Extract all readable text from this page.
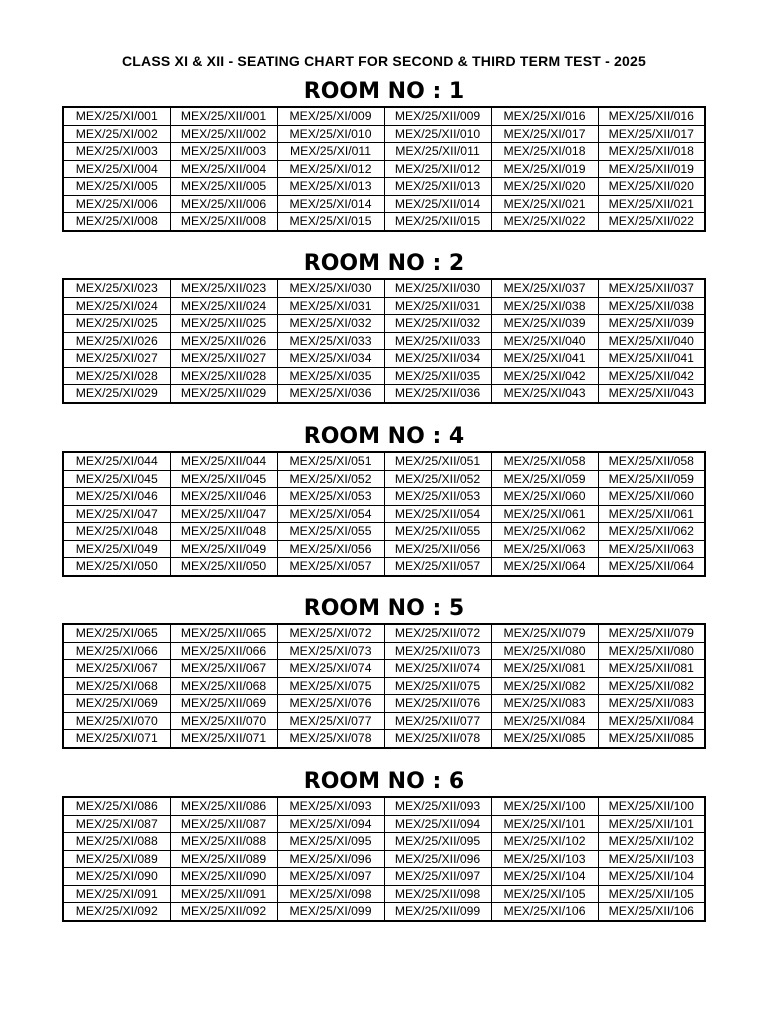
CLASS XI & XII - SEATING CHART FOR SECOND & THIRD TERM TEST - 2025
ROOM NO : 1
MEX/25/XI/001	MEX/25/XII/001	MEX/25/XI/009	MEX/25/XII/009	MEX/25/XI/016	MEX/25/XII/016
MEX/25/XI/002	MEX/25/XII/002	MEX/25/XI/010	MEX/25/XII/010	MEX/25/XI/017	MEX/25/XII/017
MEX/25/XI/003	MEX/25/XII/003	MEX/25/XI/011	MEX/25/XII/011	MEX/25/XI/018	MEX/25/XII/018
MEX/25/XI/004	MEX/25/XII/004	MEX/25/XI/012	MEX/25/XII/012	MEX/25/XI/019	MEX/25/XII/019
MEX/25/XI/005	MEX/25/XII/005	MEX/25/XI/013	MEX/25/XII/013	MEX/25/XI/020	MEX/25/XII/020
MEX/25/XI/006	MEX/25/XII/006	MEX/25/XI/014	MEX/25/XII/014	MEX/25/XI/021	MEX/25/XII/021
MEX/25/XI/008	MEX/25/XII/008	MEX/25/XI/015	MEX/25/XII/015	MEX/25/XI/022	MEX/25/XII/022
ROOM NO : 2
MEX/25/XI/023	MEX/25/XII/023	MEX/25/XI/030	MEX/25/XII/030	MEX/25/XI/037	MEX/25/XII/037
MEX/25/XI/024	MEX/25/XII/024	MEX/25/XI/031	MEX/25/XII/031	MEX/25/XI/038	MEX/25/XII/038
MEX/25/XI/025	MEX/25/XII/025	MEX/25/XI/032	MEX/25/XII/032	MEX/25/XI/039	MEX/25/XII/039
MEX/25/XI/026	MEX/25/XII/026	MEX/25/XI/033	MEX/25/XII/033	MEX/25/XI/040	MEX/25/XII/040
MEX/25/XI/027	MEX/25/XII/027	MEX/25/XI/034	MEX/25/XII/034	MEX/25/XI/041	MEX/25/XII/041
MEX/25/XI/028	MEX/25/XII/028	MEX/25/XI/035	MEX/25/XII/035	MEX/25/XI/042	MEX/25/XII/042
MEX/25/XI/029	MEX/25/XII/029	MEX/25/XI/036	MEX/25/XII/036	MEX/25/XI/043	MEX/25/XII/043
ROOM NO : 4
MEX/25/XI/044	MEX/25/XII/044	MEX/25/XI/051	MEX/25/XII/051	MEX/25/XI/058	MEX/25/XII/058
MEX/25/XI/045	MEX/25/XII/045	MEX/25/XI/052	MEX/25/XII/052	MEX/25/XI/059	MEX/25/XII/059
MEX/25/XI/046	MEX/25/XII/046	MEX/25/XI/053	MEX/25/XII/053	MEX/25/XI/060	MEX/25/XII/060
MEX/25/XI/047	MEX/25/XII/047	MEX/25/XI/054	MEX/25/XII/054	MEX/25/XI/061	MEX/25/XII/061
MEX/25/XI/048	MEX/25/XII/048	MEX/25/XI/055	MEX/25/XII/055	MEX/25/XI/062	MEX/25/XII/062
MEX/25/XI/049	MEX/25/XII/049	MEX/25/XI/056	MEX/25/XII/056	MEX/25/XI/063	MEX/25/XII/063
MEX/25/XI/050	MEX/25/XII/050	MEX/25/XI/057	MEX/25/XII/057	MEX/25/XI/064	MEX/25/XII/064
ROOM NO : 5
MEX/25/XI/065	MEX/25/XII/065	MEX/25/XI/072	MEX/25/XII/072	MEX/25/XI/079	MEX/25/XII/079
MEX/25/XI/066	MEX/25/XII/066	MEX/25/XI/073	MEX/25/XII/073	MEX/25/XI/080	MEX/25/XII/080
MEX/25/XI/067	MEX/25/XII/067	MEX/25/XI/074	MEX/25/XII/074	MEX/25/XI/081	MEX/25/XII/081
MEX/25/XI/068	MEX/25/XII/068	MEX/25/XI/075	MEX/25/XII/075	MEX/25/XI/082	MEX/25/XII/082
MEX/25/XI/069	MEX/25/XII/069	MEX/25/XI/076	MEX/25/XII/076	MEX/25/XI/083	MEX/25/XII/083
MEX/25/XI/070	MEX/25/XII/070	MEX/25/XI/077	MEX/25/XII/077	MEX/25/XI/084	MEX/25/XII/084
MEX/25/XI/071	MEX/25/XII/071	MEX/25/XI/078	MEX/25/XII/078	MEX/25/XI/085	MEX/25/XII/085
ROOM NO : 6
MEX/25/XI/086	MEX/25/XII/086	MEX/25/XI/093	MEX/25/XII/093	MEX/25/XI/100	MEX/25/XII/100
MEX/25/XI/087	MEX/25/XII/087	MEX/25/XI/094	MEX/25/XII/094	MEX/25/XI/101	MEX/25/XII/101
MEX/25/XI/088	MEX/25/XII/088	MEX/25/XI/095	MEX/25/XII/095	MEX/25/XI/102	MEX/25/XII/102
MEX/25/XI/089	MEX/25/XII/089	MEX/25/XI/096	MEX/25/XII/096	MEX/25/XI/103	MEX/25/XII/103
MEX/25/XI/090	MEX/25/XII/090	MEX/25/XI/097	MEX/25/XII/097	MEX/25/XI/104	MEX/25/XII/104
MEX/25/XI/091	MEX/25/XII/091	MEX/25/XI/098	MEX/25/XII/098	MEX/25/XI/105	MEX/25/XII/105
MEX/25/XI/092	MEX/25/XII/092	MEX/25/XI/099	MEX/25/XII/099	MEX/25/XI/106	MEX/25/XII/106
